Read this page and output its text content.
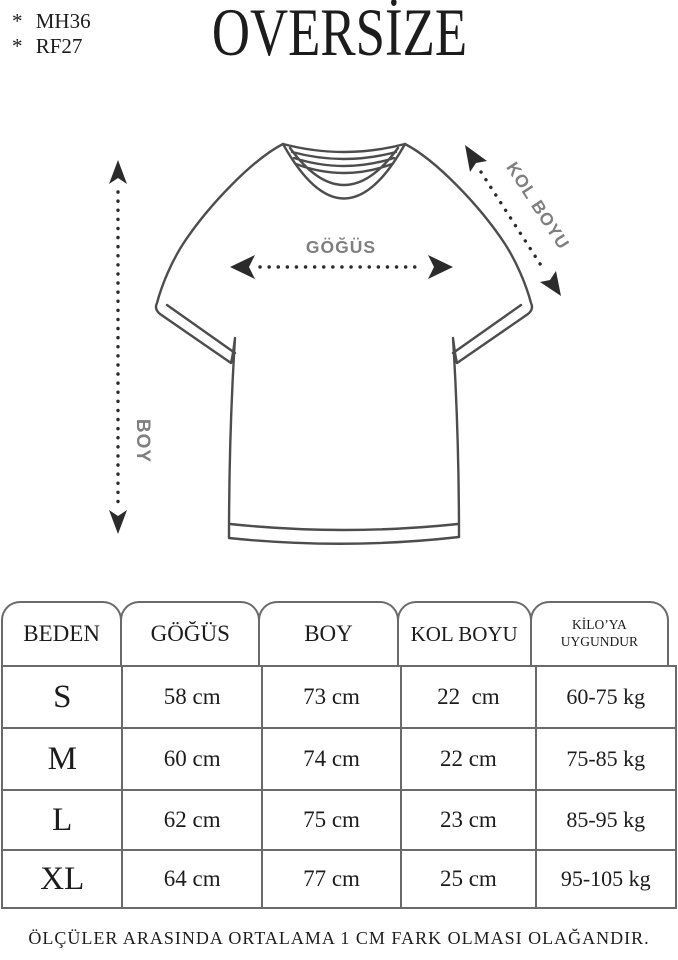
* MH36
* RF27	OVERSİZE
GÖĞÜS
BOY
KOL BOYU
BEDEN	GÖĞÜS	BOY	KOL BOYU	KİLO’YA UYGUNDUR
S	58 cm	73 cm	22  cm	60-75 kg
M	60 cm	74 cm	22 cm	75-85 kg
L	62 cm	75 cm	23 cm	85-95 kg
XL	64 cm	77 cm	25 cm	95-105 kg
ÖLÇÜLER ARASINDA ORTALAMA 1 CM FARK OLMASI OLAĞANDIR.
